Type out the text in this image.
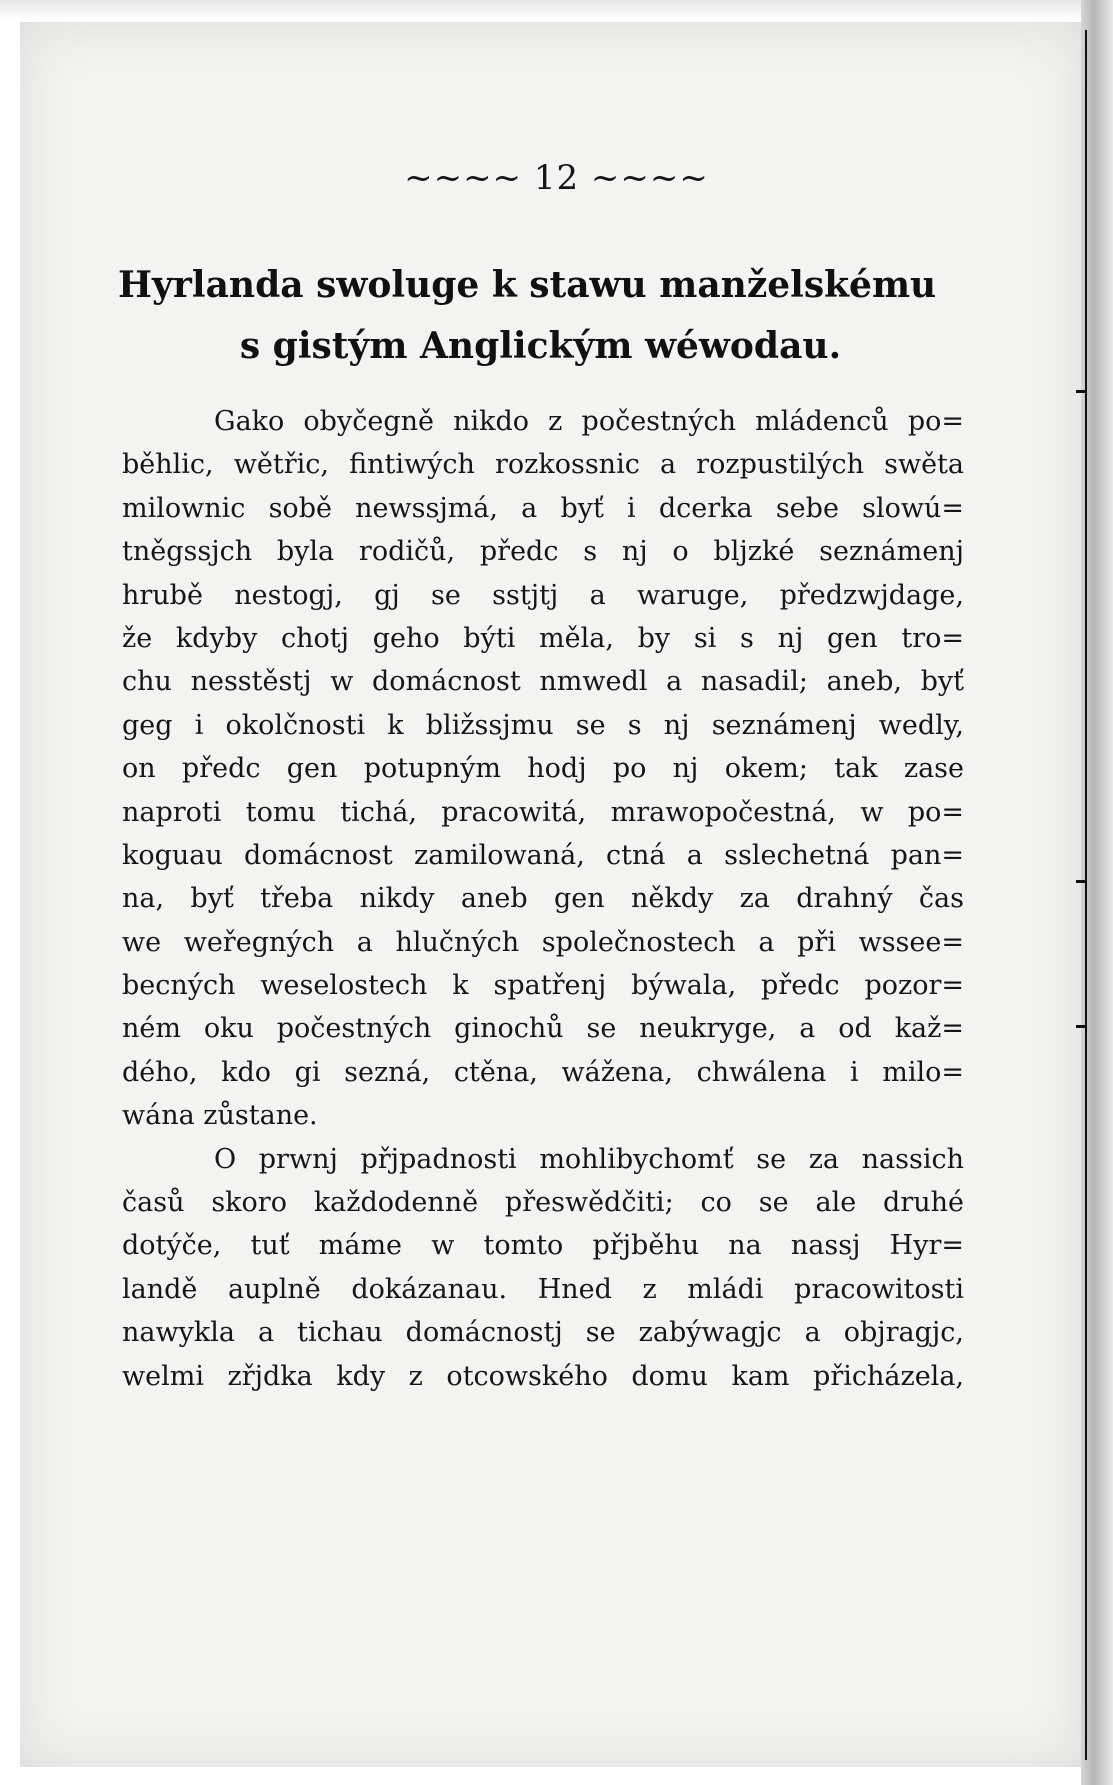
~~~~ 12 ~~~~
Hyrlanda swoluge k stawu manželskému
s gistým Anglickým wéwodau.
Gako obyčegně nikdo z počestných mládenců po=
běhlic, wětřic, fintiwých rozkossnic a rozpustilých swěta
milownic sobě newssjmá, a byť i dcerka sebe slowú=
tněgssjch byla rodičů, předc s nj o bljzké seznámenj
hrubě nestogj, gj se sstjtj a waruge, předzwjdage,
že kdyby chotj geho býti měla, by si s nj gen tro=
chu nesstěstj w domácnost nmwedl a nasadil; aneb, byť
geg i okolčnosti k bližssjmu se s nj seznámenj wedly,
on předc gen potupným hodj po nj okem; tak zase
naproti tomu tichá, pracowitá, mrawopočestná, w po=
koguau domácnost zamilowaná, ctná a sslechetná pan=
na, byť třeba nikdy aneb gen někdy za drahný čas
we weřegných a hlučných společnostech a při wssee=
becných weselostech k spatřenj býwala, předc pozor=
ném oku počestných ginochů se neukryge, a od kaž=
dého, kdo gi sezná, ctěna, wážena, chwálena i milo=
wána zůstane.
O prwnj přjpadnosti mohlibychomť se za nassich
časů skoro každodenně přeswědčiti; co se ale druhé
dotýče, tuť máme w tomto přjběhu na nassj Hyr=
landě auplně dokázanau. Hned z mládi pracowitosti
nawykla a tichau domácnostj se zabýwagjc a objragjc,
welmi zřjdka kdy z otcowského domu kam přicházela,
